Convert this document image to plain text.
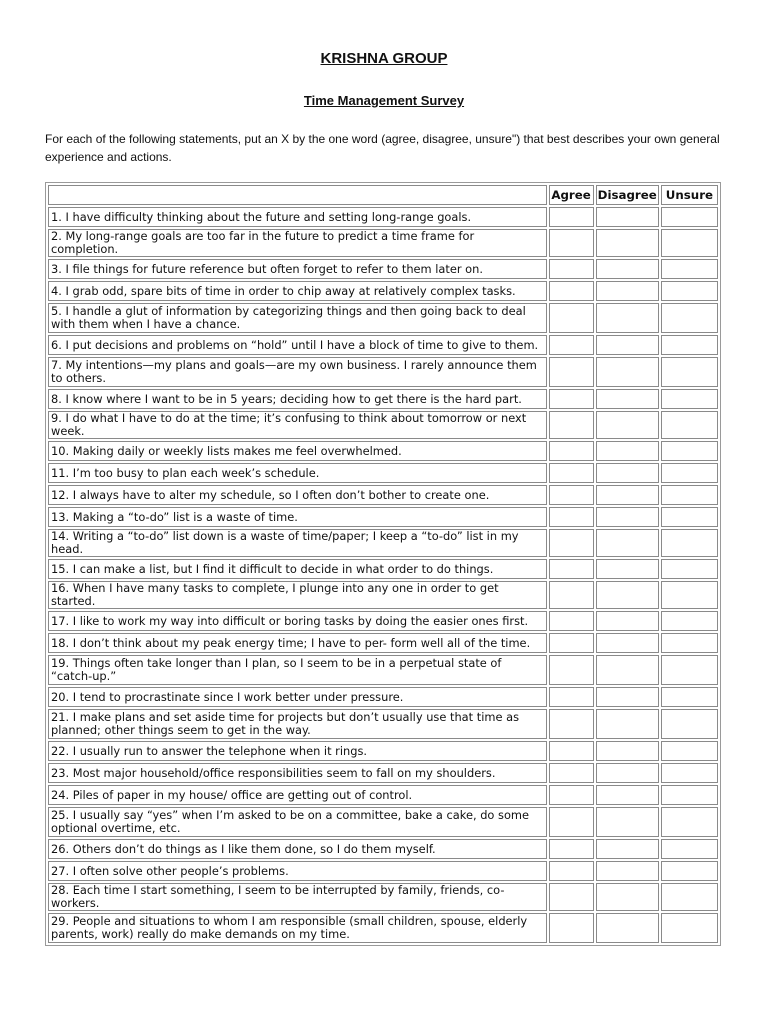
KRISHNA GROUP
Time Management Survey
For each of the following statements, put an X by the one word (agree, disagree, unsure") that best describes your own general experience and actions.
	Agree	Disagree	Unsure
1. I have difficulty thinking about the future and setting long-range goals.			
2. My long-range goals are too far in the future to predict a time frame for completion.			
3. I file things for future reference but often forget to refer to them later on.			
4. I grab odd, spare bits of time in order to chip away at relatively complex tasks.			
5. I handle a glut of information by categorizing things and then going back to deal with them when I have a chance.			
6. I put decisions and problems on “hold” until I have a block of time to give to them.			
7. My intentions—my plans and goals—are my own business. I rarely announce them to others.			
8. I know where I want to be in 5 years; deciding how to get there is the hard part.			
9. I do what I have to do at the time; it’s confusing to think about tomorrow or next week.			
10. Making daily or weekly lists makes me feel overwhelmed.			
11. I’m too busy to plan each week’s schedule.			
12. I always have to alter my schedule, so I often don’t bother to create one.			
13. Making a “to-do” list is a waste of time.			
14. Writing a “to-do” list down is a waste of time/paper; I keep a “to-do” list in my head.			
15. I can make a list, but I find it difficult to decide in what order to do things.			
16. When I have many tasks to complete, I plunge into any one in order to get started.			
17. I like to work my way into difficult or boring tasks by doing the easier ones first.			
18. I don’t think about my peak energy time; I have to per- form well all of the time.			
19. Things often take longer than I plan, so I seem to be in a perpetual state of “catch-up.”			
20. I tend to procrastinate since I work better under pressure.			
21. I make plans and set aside time for projects but don’t usually use that time as planned; other things seem to get in the way.			
22. I usually run to answer the telephone when it rings.			
23. Most major household/office responsibilities seem to fall on my shoulders.			
24. Piles of paper in my house/ office are getting out of control.			
25. I usually say “yes” when I’m asked to be on a committee, bake a cake, do some optional overtime, etc.			
26. Others don’t do things as I like them done, so I do them myself.			
27. I often solve other people’s problems.			
28. Each time I start something, I seem to be interrupted by family, friends, co-workers.			
29. People and situations to whom I am responsible (small children, spouse, elderly parents, work) really do make demands on my time.			
